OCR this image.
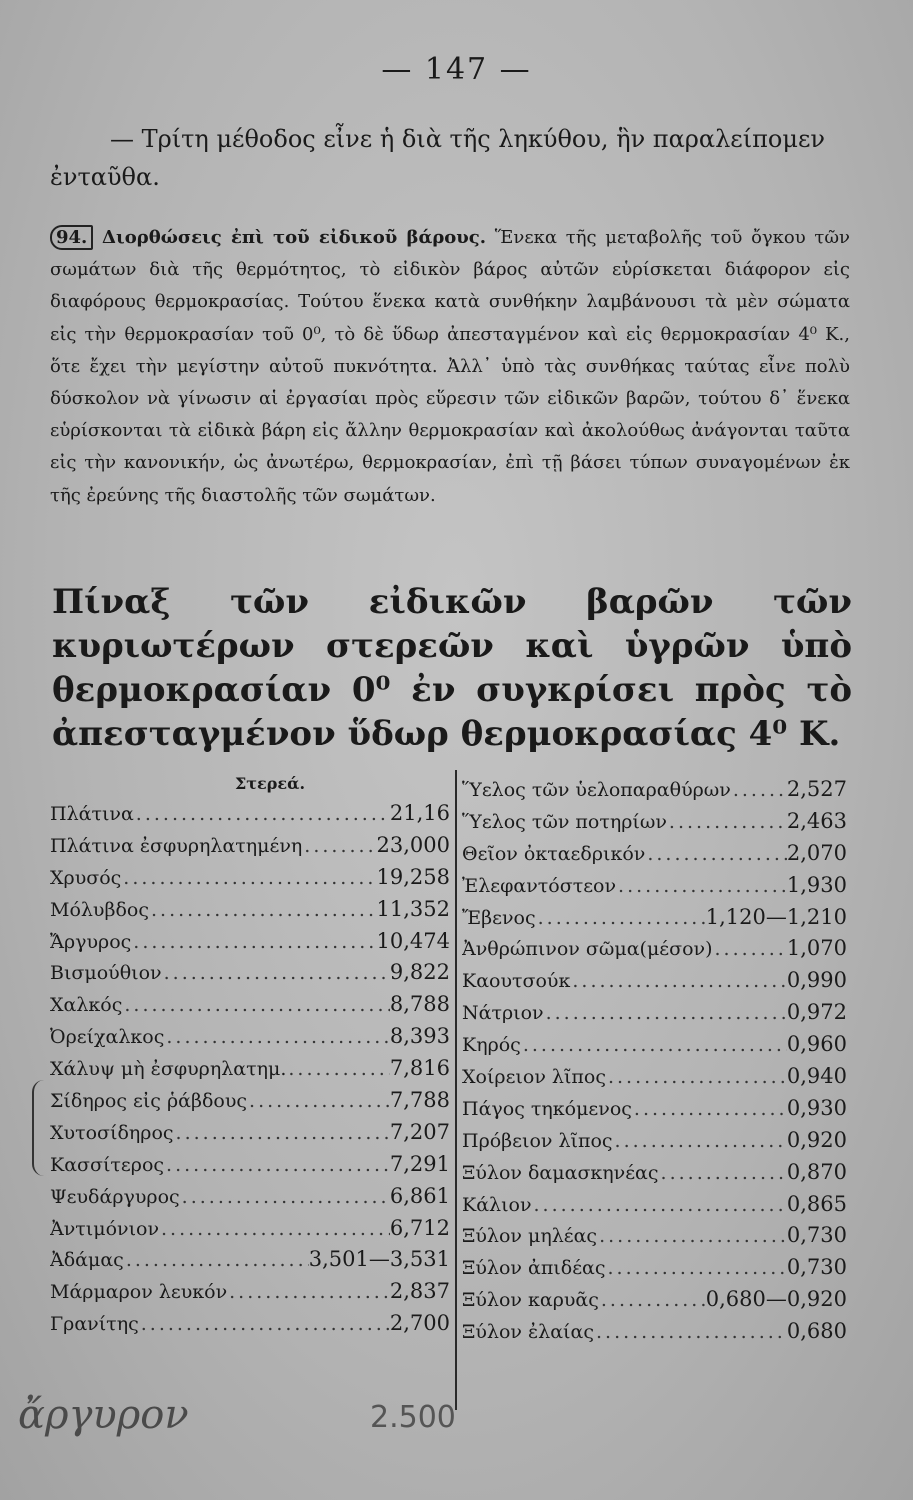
— 147 —
— Τρίτη μέθοδος εἶνε ἡ διὰ τῆς ληκύθου, ἣν παραλείπομεν ἐνταῦθα.
94. Διορθώσεις ἐπὶ τοῦ εἰδικοῦ βάρους. Ἕνεκα τῆς μεταβολῆς τοῦ ὄγκου τῶν σωμάτων διὰ τῆς θερμότητος, τὸ εἰδικὸν βάρος αὐτῶν εὑρίσκεται διάφορον εἰς διαφόρους θερμοκρασίας. Τούτου ἕνεκα κατὰ συνθήκην λαμβάνουσι τὰ μὲν σώματα εἰς τὴν θερμοκρασίαν τοῦ 0⁰, τὸ δὲ ὕδωρ ἀπεσταγμένον καὶ εἰς θερμοκρασίαν 4⁰ Κ., ὅτε ἔχει τὴν μεγίστην αὐτοῦ πυκνότητα. Ἀλλ᾽ ὑπὸ τὰς συνθήκας ταύτας εἶνε πολὺ δύσκολον νὰ γίνωσιν αἱ ἐργασίαι πρὸς εὕρεσιν τῶν εἰδικῶν βαρῶν, τούτου δ᾽ ἕνεκα εὑρίσκονται τὰ εἰδικὰ βάρη εἰς ἄλλην θερμοκρασίαν καὶ ἀκολούθως ἀνάγονται ταῦτα εἰς τὴν κανονικήν, ὡς ἀνωτέρω, θερμοκρασίαν, ἐπὶ τῇ βάσει τύπων συναγομένων ἐκ τῆς ἐρεύνης τῆς διαστολῆς τῶν σωμάτων.
Πίναξ τῶν εἰδικῶν βαρῶν τῶν κυριωτέρων στερεῶν καὶ ὑγρῶν ὑπὸ θερμοκρασίαν 0⁰ ἐν συγκρίσει πρὸς τὸ ἀπεσταγμένον ὕδωρ θερμοκρασίας 4⁰ Κ.
Στερεά.
Πλάτινα .....	21,16
Πλάτινα ἐσφυρηλατημένη .....	23,000
Χρυσός .....	19,258
Μόλυβδος .....	11,352
Ἄργυρος .....	10,474
Βισμούθιον .....	9,822
Χαλκός .....	8,788
Ὀρείχαλκος .....	8,393
Χάλυψ μὴ ἐσφυρηλατημ. .....	7,816
Σίδηρος εἰς ῥάβδους .....	7,788
Χυτοσίδηρος .....	7,207
Κασσίτερος .....	7,291
Ψευδάργυρος .....	6,861
Ἀντιμόνιον .....	6,712
Ἀδάμας .....	3,501—3,531
Μάρμαρον λευκόν .....	2,837
Γρανίτης .....	2,700
Ὕελος τῶν ὑελοπαραθύρων .....	2,527
Ὕελος τῶν ποτηρίων .....	2,463
Θεῖον ὀκταεδρικόν .....	2,070
Ἐλεφαντόστεον .....	1,930
Ἔβενος .....	1,120—1,210
Ἀνθρώπινον σῶμα(μέσον) .....	1,070
Καουτσούκ .....	0,990
Νάτριον .....	0,972
Κηρός .....	0,960
Χοίρειον λῖπος .....	0,940
Πάγος τηκόμενος .....	0,930
Πρόβειον λῖπος .....	0,920
Ξύλον δαμασκηνέας .....	0,870
Κάλιον .....	0,865
Ξύλον μηλέας .....	0,730
Ξύλον ἀπιδέας .....	0,730
Ξύλον καρυᾶς .....	0,680—0,920
Ξύλον ἐλαίας .....	0,680
ἄργυρον	2.500
